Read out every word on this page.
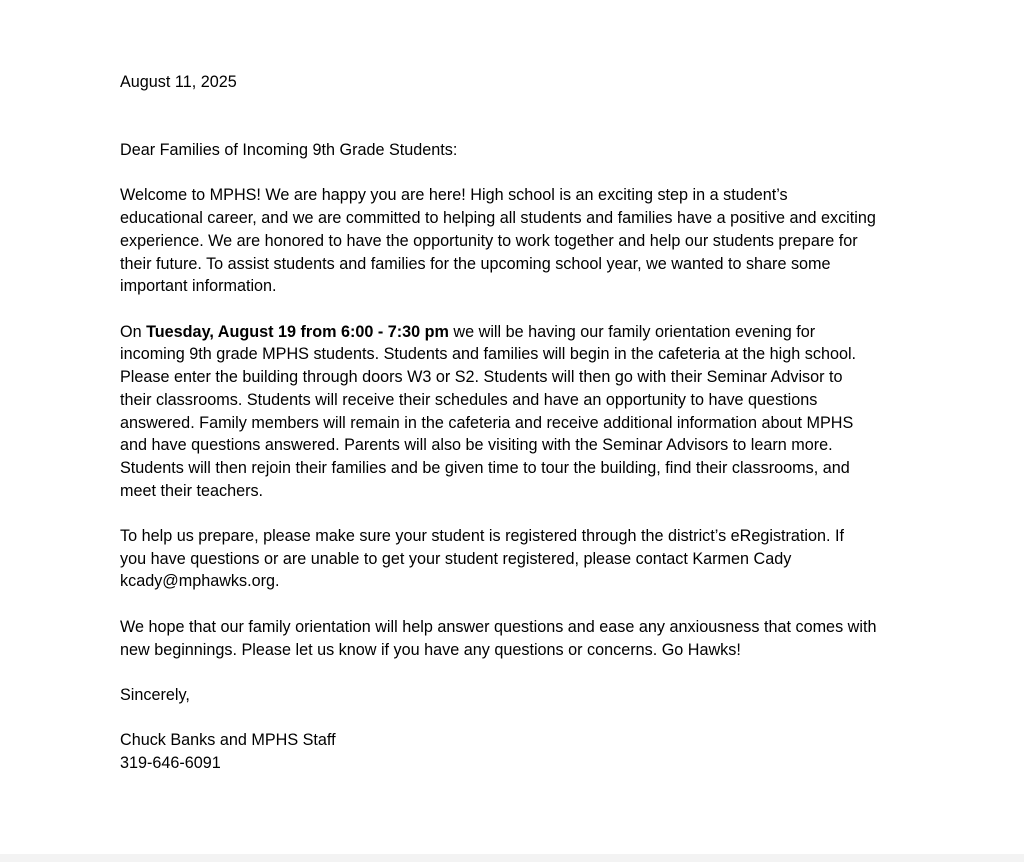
August 11, 2025

Dear Families of Incoming 9th Grade Students:

Welcome to MPHS! We are happy you are here! High school is an exciting step in a student’s
educational career, and we are committed to helping all students and families have a positive and exciting
experience. We are honored to have the opportunity to work together and help our students prepare for
their future. To assist students and families for the upcoming school year, we wanted to share some
important information.

On Tuesday, August 19 from 6:00 - 7:30 pm we will be having our family orientation evening for
incoming 9th grade MPHS students. Students and families will begin in the cafeteria at the high school.
Please enter the building through doors W3 or S2. Students will then go with their Seminar Advisor to
their classrooms. Students will receive their schedules and have an opportunity to have questions
answered. Family members will remain in the cafeteria and receive additional information about MPHS
and have questions answered. Parents will also be visiting with the Seminar Advisors to learn more.
Students will then rejoin their families and be given time to tour the building, find their classrooms, and
meet their teachers.

To help us prepare, please make sure your student is registered through the district’s eRegistration. If
you have questions or are unable to get your student registered, please contact Karmen Cady
kcady@mphawks.org.

We hope that our family orientation will help answer questions and ease any anxiousness that comes with
new beginnings. Please let us know if you have any questions or concerns. Go Hawks!

Sincerely,

Chuck Banks and MPHS Staff
319-646-6091
